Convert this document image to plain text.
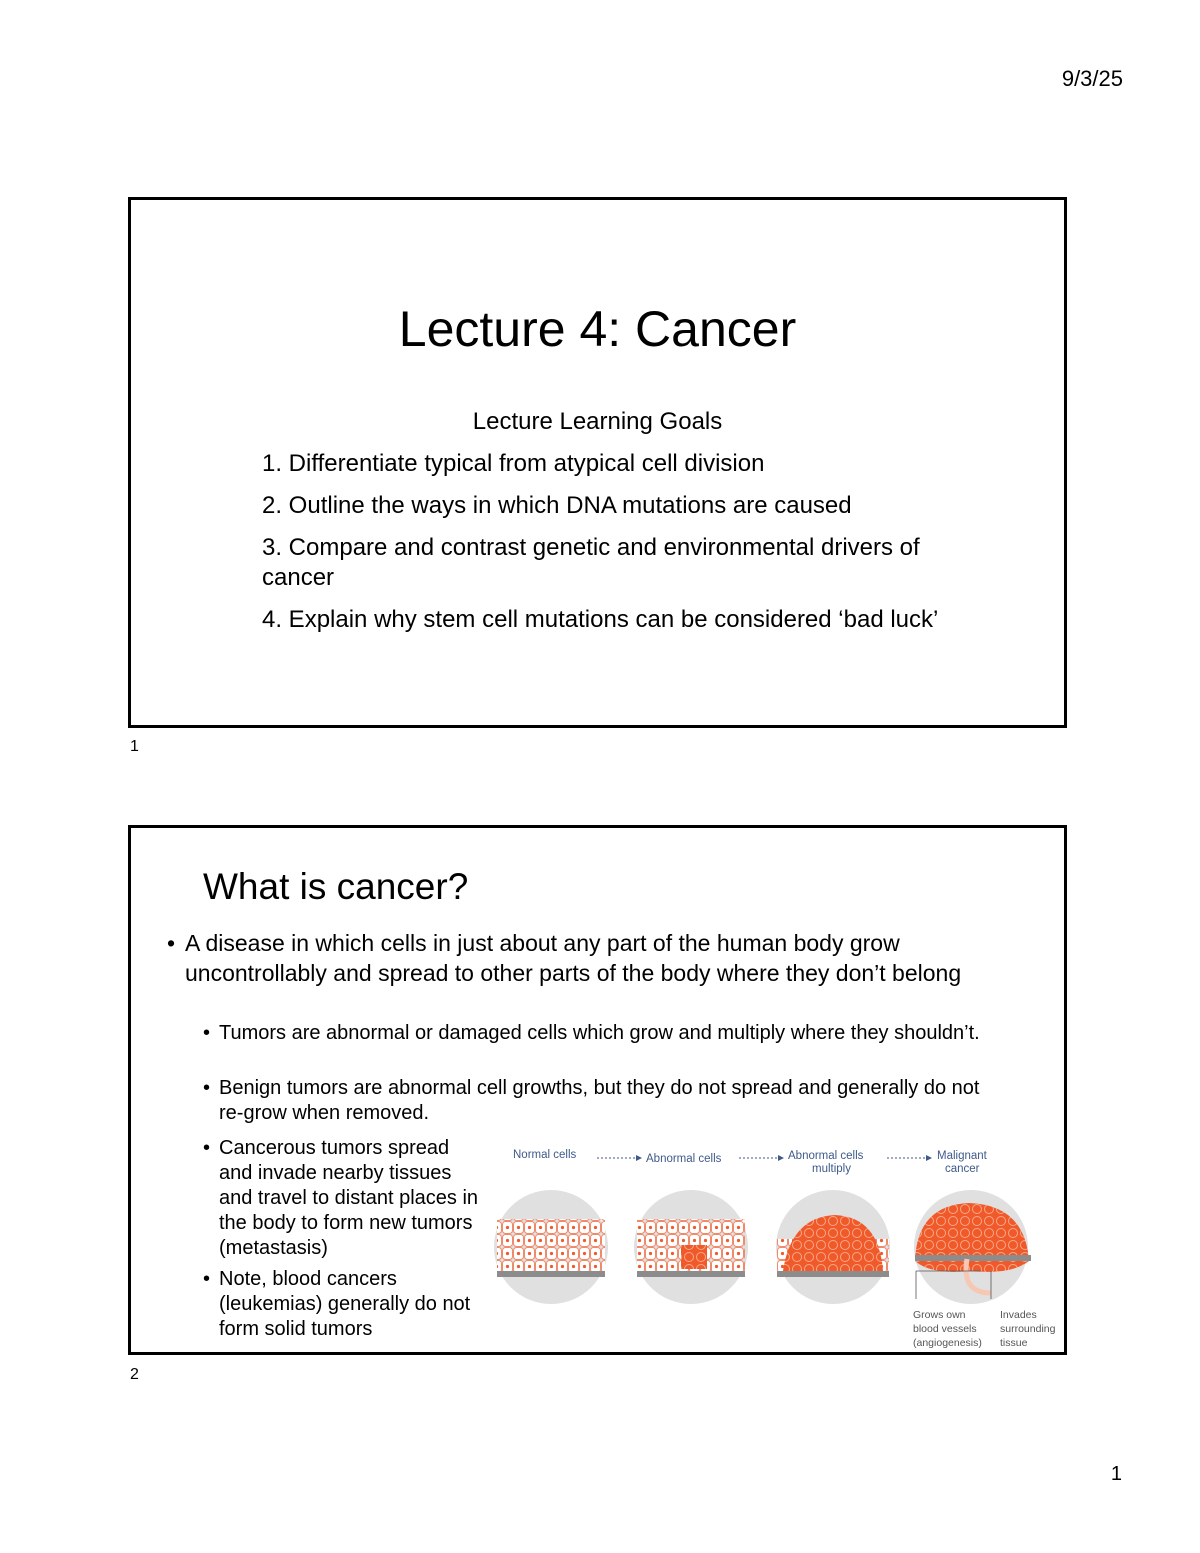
9/3/25
Lecture 4: Cancer
Lecture Learning Goals
1. Differentiate typical from atypical cell division
2. Outline the ways in which DNA mutations are caused
3. Compare and contrast genetic and environmental drivers of cancer
4. Explain why stem cell mutations can be considered ‘bad luck’
1
What is cancer?
• A disease in which cells in just about any part of the human body grow uncontrollably and spread to other parts of the body where they don’t belong
• Tumors are abnormal or damaged cells which grow and multiply where they shouldn’t.
• Benign tumors are abnormal cell growths, but they do not spread and generally do not re-grow when removed.
• Cancerous tumors spread and invade nearby tissues and travel to distant places in the body to form new tumors (metastasis)
• Note, blood cancers (leukemias) generally do not form solid tumors
Normal cells	Abnormal cells	Abnormal cells multiply
Malignant cancer
Grows own blood vessels (angiogenesis)
Invades surrounding tissue
2
1
